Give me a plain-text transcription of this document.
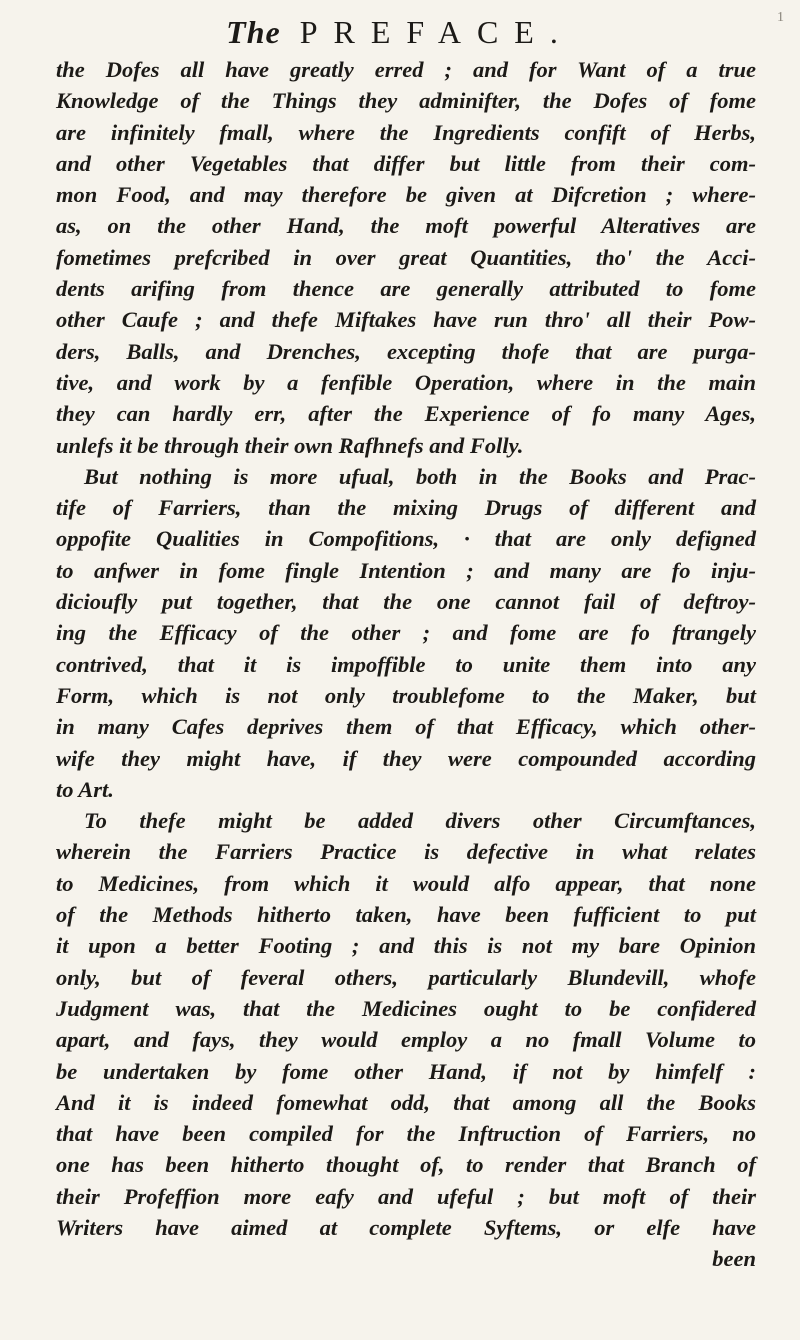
The PREFACE.	1
the Dofes all have greatly erred ; and for Want of a true
Knowledge of the Things they adminifter, the Dofes of fome
are infinitely fmall, where the Ingredients confift of Herbs,
and other Vegetables that differ but little from their com-
mon Food, and may therefore be given at Difcretion ; where-
as, on the other Hand, the moft powerful Alteratives are
fometimes prefcribed in over great Quantities, tho' the Acci-
dents arifing from thence are generally attributed to fome
other Caufe ; and thefe Miftakes have run thro' all their Pow-
ders, Balls, and Drenches, excepting thofe that are purga-
tive, and work by a fenfible Operation, where in the main
they can hardly err, after the Experience of fo many Ages,
unlefs it be through their own Rafhnefs and Folly.
But nothing is more ufual, both in the Books and Prac-
tife of Farriers, than the mixing Drugs of different and
oppofite Qualities in Compofitions, · that are only defigned
to anfwer in fome fingle Intention ; and many are fo inju-
dicioufly put together, that the one cannot fail of deftroy-
ing the Efficacy of the other ; and fome are fo ftrangely
contrived, that it is impoffible to unite them into any
Form, which is not only troublefome to the Maker, but
in many Cafes deprives them of that Efficacy, which other-
wife they might have, if they were compounded according
to Art.
To thefe might be added divers other Circumftances,
wherein the Farriers Practice is defective in what relates
to Medicines, from which it would alfo appear, that none
of the Methods hitherto taken, have been fufficient to put
it upon a better Footing ; and this is not my bare Opinion
only, but of feveral others, particularly Blundevill, whofe
Judgment was, that the Medicines ought to be confidered
apart, and fays, they would employ a no fmall Volume to
be undertaken by fome other Hand, if not by himfelf :
And it is indeed fomewhat odd, that among all the Books
that have been compiled for the Inftruction of Farriers, no
one has been hitherto thought of, to render that Branch of
their Profeffion more eafy and ufeful ; but moft of their
Writers have aimed at complete Syftems, or elfe have
been
